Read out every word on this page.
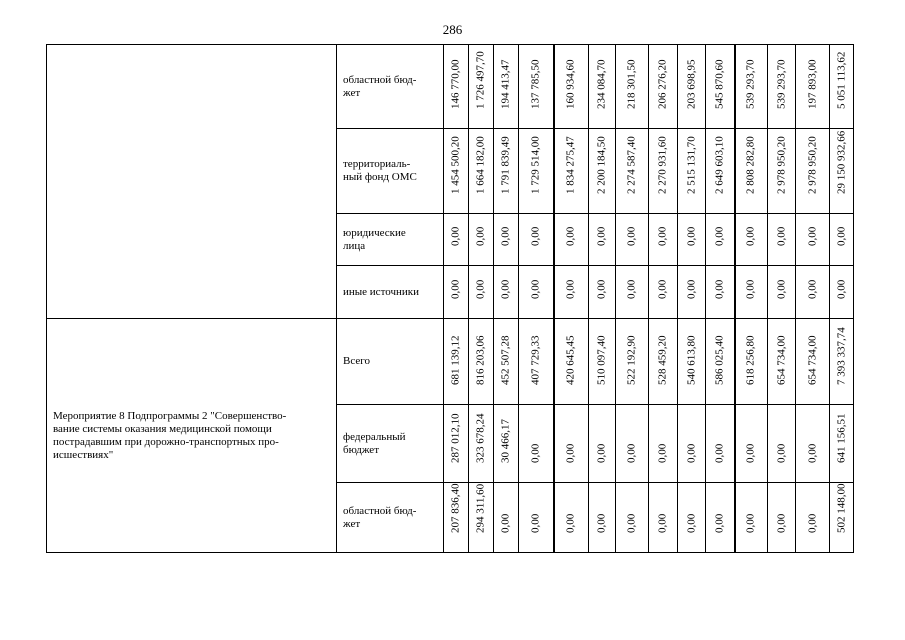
286
	областной бюд-
жет	146 770,00	1 726 497,70	194 413,47	137 785,50	160 934,60	234 084,70	218 301,50	206 276,20	203 698,95	545 870,60	539 293,70	539 293,70	197 893,00	5 051 113,62

	территориаль-
ный фонд ОМС	1 454 500,20	1 664 182,00	1 791 839,49	1 729 514,00	1 834 275,47	2 200 184,50	2 274 587,40	2 270 931,60	2 515 131,70	2 649 603,10	2 808 282,80	2 978 950,20	2 978 950,20	29 150 932,66

	юридические
лица	0,00	0,00	0,00	0,00	0,00	0,00	0,00	0,00	0,00	0,00	0,00	0,00	0,00	0,00

	иные источники	0,00	0,00	0,00	0,00	0,00	0,00	0,00	0,00	0,00	0,00	0,00	0,00	0,00	0,00

Мероприятие 8 Подпрограммы 2 "Совершенство-
вание системы оказания медицинской помощи
пострадавшим при дорожно-транспортных про-
исшествиях"	Всего	681 139,12	816 203,06	452 507,28	407 729,33	420 645,45	510 097,40	522 192,90	528 459,20	540 613,80	586 025,40	618 256,80	654 734,00	654 734,00	7 393 337,74

	федеральный
бюджет	287 012,10	323 678,24	30 466,17	0,00	0,00	0,00	0,00	0,00	0,00	0,00	0,00	0,00	0,00	641 156,51

	областной бюд-
жет	207 836,40	294 311,60	0,00	0,00	0,00	0,00	0,00	0,00	0,00	0,00	0,00	0,00	0,00	502 148,00
